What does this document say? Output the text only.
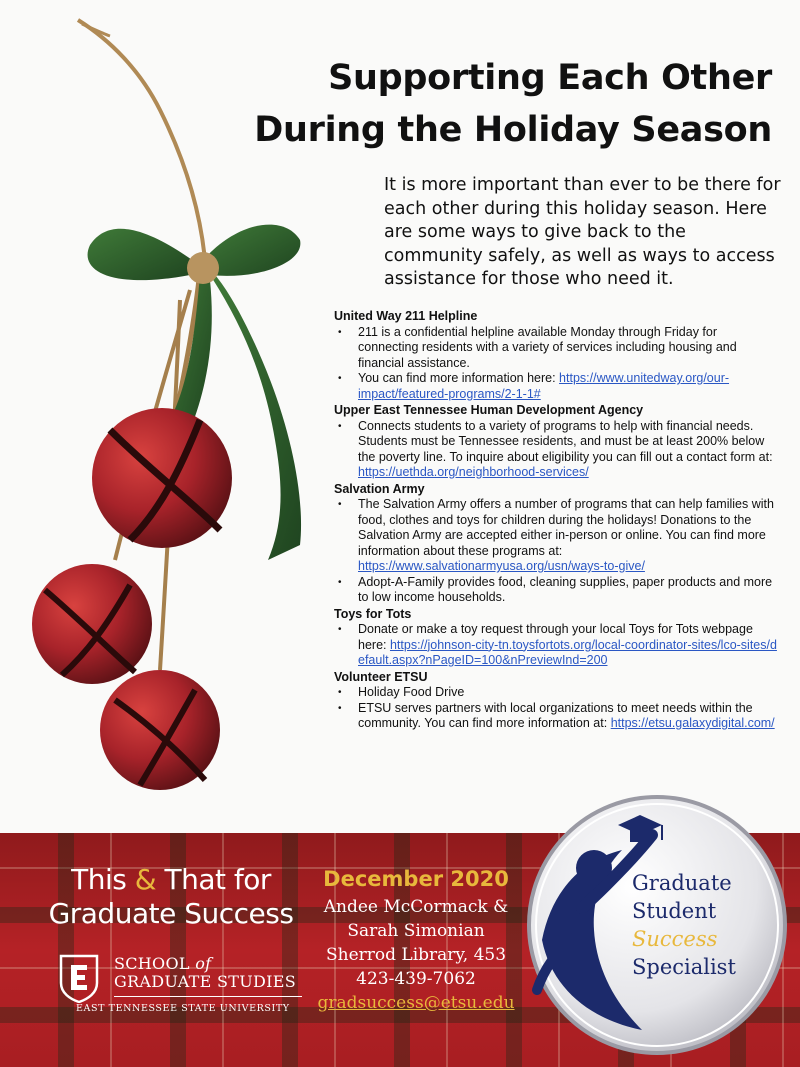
Supporting Each Other
During the Holiday Season
It is more important than ever to be there for each other during this holiday season. Here are some ways to give back to the community safely, as well as ways to access assistance for those who need it.
United Way 211 Helpline

• 211 is a confidential helpline available Monday through Friday for connecting residents with a variety of services including housing and financial assistance.

• You can find more information here: https://www.unitedway.org/our-impact/featured-programs/2-1-1#

Upper East Tennessee Human Development Agency

• Connects students to a variety of programs to help with financial needs. Students must be Tennessee residents, and must be at least 200% below the poverty line. To inquire about eligibility you can fill out a contact form at: https://uethda.org/neighborhood-services/

Salvation Army

• The Salvation Army offers a number of programs that can help families with food, clothes and toys for children during the holidays! Donations to the Salvation Army are accepted either in-person or online. You can find more information about these programs at: https://www.salvationarmyusa.org/usn/ways-to-give/

• Adopt-A-Family provides food, cleaning supplies, paper products and more to low income households.

Toys for Tots

• Donate or make a toy request through your local Toys for Tots webpage here: https://johnson-city-tn.toysfortots.org/local-coordinator-sites/lco-sites/default.aspx?nPageID=100&nPreviewInd=200

Volunteer ETSU

• Holiday Food Drive

• ETSU serves partners with local organizations to meet needs within the community. You can find more information at: https://etsu.galaxydigital.com/

This & That for
Graduate Success
SCHOOL of
GRADUATE STUDIES
EAST TENNESSEE STATE UNIVERSITY
December 2020
Andee McCormack &
Sarah Simonian
Sherrod Library, 453
423-439-7062
gradsuccess@etsu.edu
Graduate
Student
Success
Specialist
